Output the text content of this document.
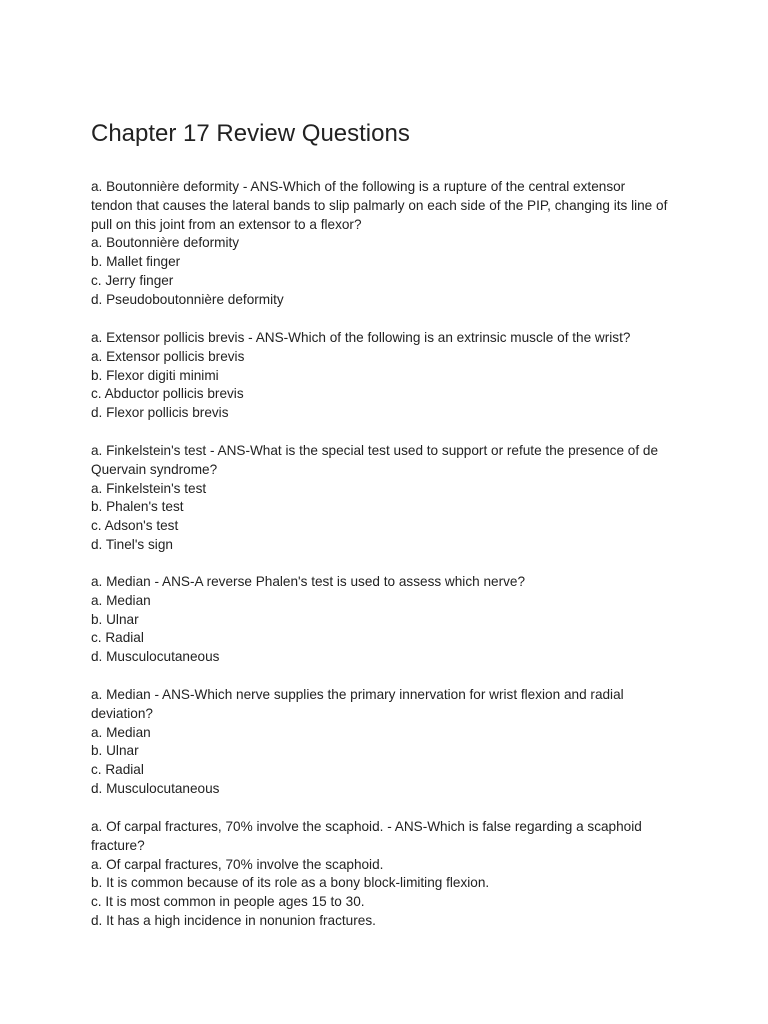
Chapter 17 Review Questions
a. Boutonnière deformity - ANS-Which of the following is a rupture of the central extensor
tendon that causes the lateral bands to slip palmarly on each side of the PIP, changing its line of
pull on this joint from an extensor to a flexor?
a. Boutonnière deformity
b. Mallet finger
c. Jerry finger
d. Pseudoboutonnière deformity
a. Extensor pollicis brevis - ANS-Which of the following is an extrinsic muscle of the wrist?
a. Extensor pollicis brevis
b. Flexor digiti minimi
c. Abductor pollicis brevis
d. Flexor pollicis brevis
a. Finkelstein's test - ANS-What is the special test used to support or refute the presence of de
Quervain syndrome?
a. Finkelstein's test
b. Phalen's test
c. Adson's test
d. Tinel's sign
a. Median - ANS-A reverse Phalen's test is used to assess which nerve?
a. Median
b. Ulnar
c. Radial
d. Musculocutaneous
a. Median - ANS-Which nerve supplies the primary innervation for wrist flexion and radial
deviation?
a. Median
b. Ulnar
c. Radial
d. Musculocutaneous
a. Of carpal fractures, 70% involve the scaphoid. - ANS-Which is false regarding a scaphoid
fracture?
a. Of carpal fractures, 70% involve the scaphoid.
b. It is common because of its role as a bony block-limiting flexion.
c. It is most common in people ages 15 to 30.
d. It has a high incidence in nonunion fractures.
